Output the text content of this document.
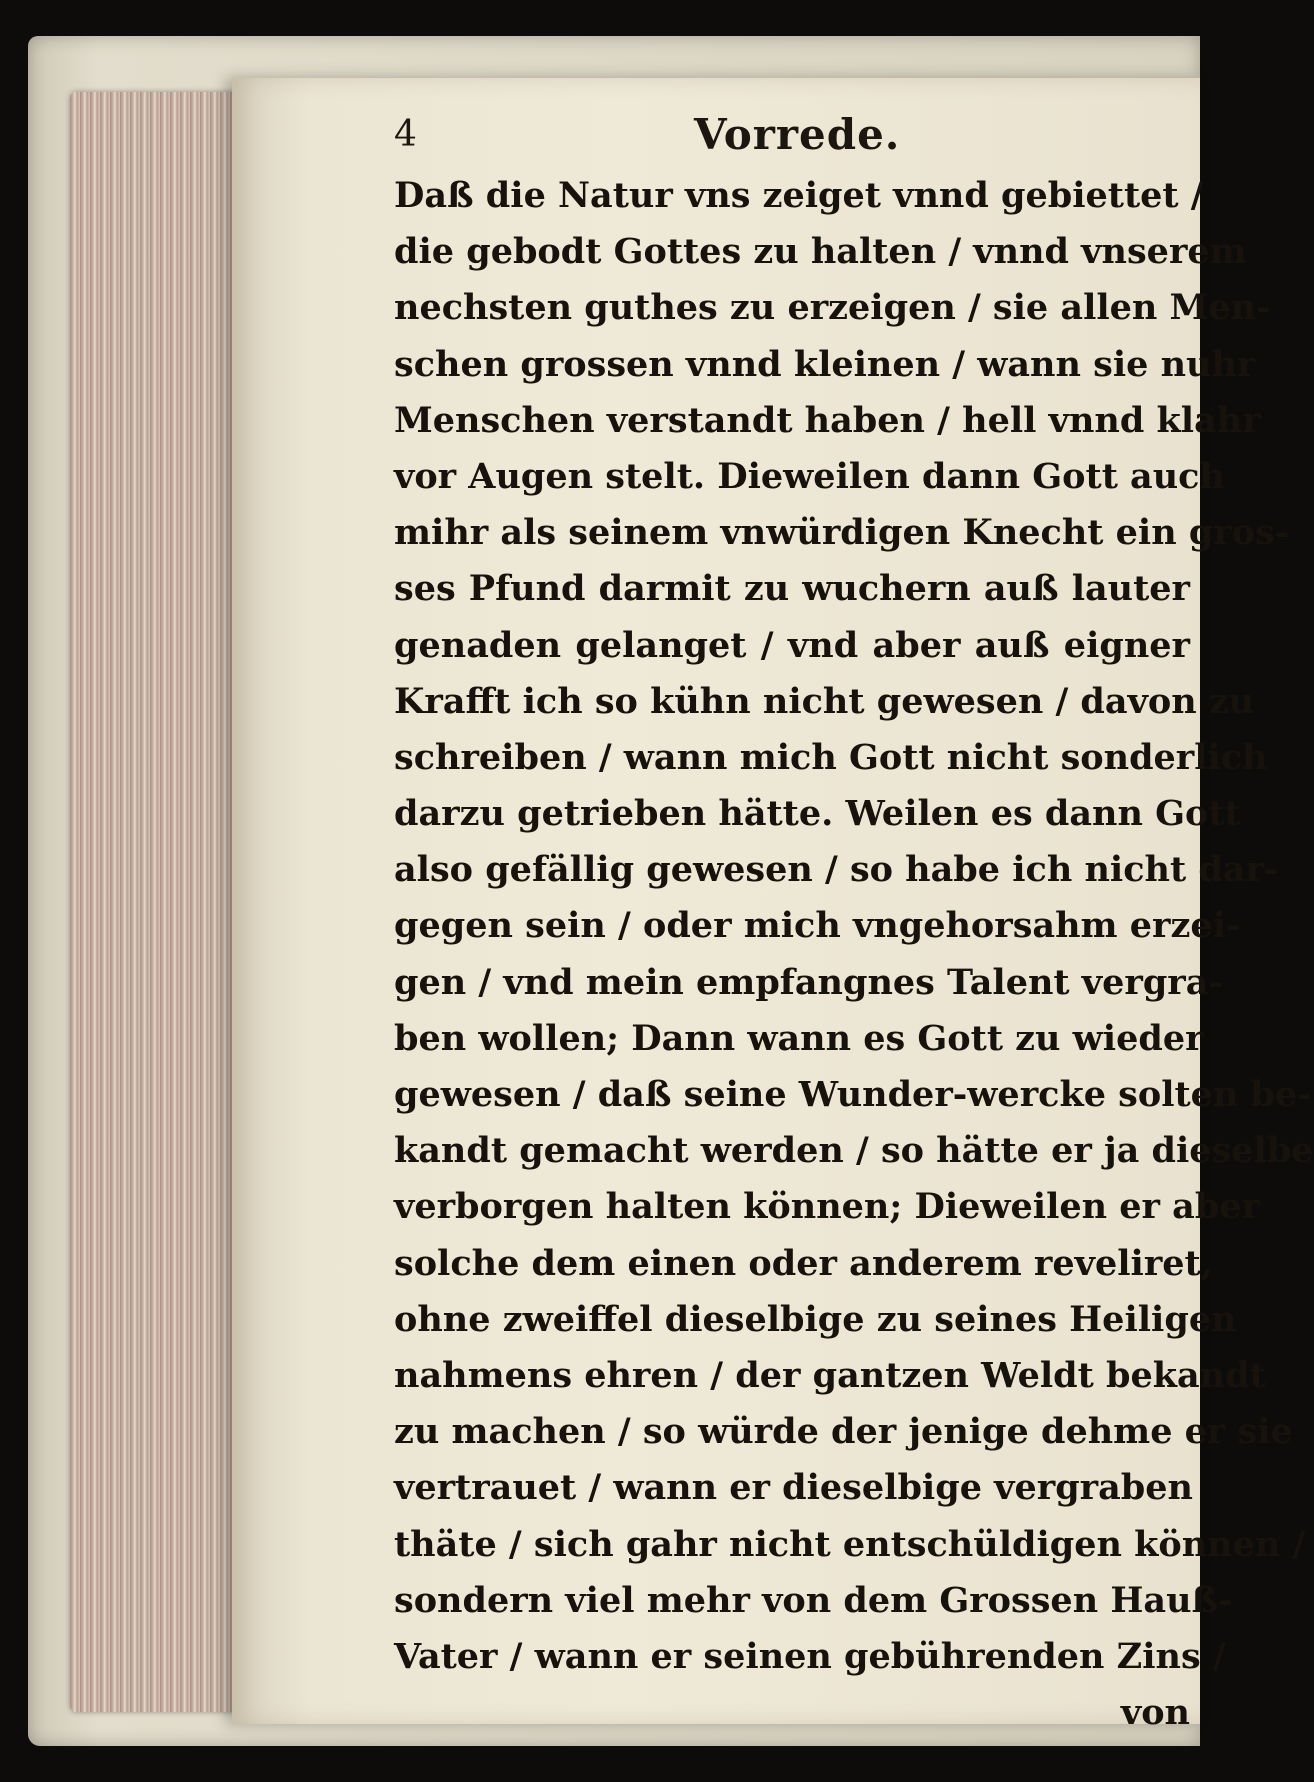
4	Vorrede.
Daß die Natur vns zeiget vnnd gebiettet /
die gebodt Gottes zu halten / vnnd vnserem
nechsten guthes zu erzeigen / sie allen Men-
schen grossen vnnd kleinen / wann sie nuhr
Menschen verstandt haben / hell vnnd klahr
vor Augen stelt. Dieweilen dann Gott auch
mihr als seinem vnwürdigen Knecht ein gros-
ses Pfund darmit zu wuchern auß lauter
genaden gelanget / vnd aber auß eigner
Krafft ich so kühn nicht gewesen / davon zu
schreiben / wann mich Gott nicht sonderlich
darzu getrieben hätte. Weilen es dann Gott
also gefällig gewesen / so habe ich nicht dar-
gegen sein / oder mich vngehorsahm erzei-
gen / vnd mein empfangnes Talent vergra-
ben wollen; Dann wann es Gott zu wieder
gewesen / daß seine Wunder-wercke solten be-
kandt gemacht werden / so hätte er ja dieselbe
verborgen halten können; Dieweilen er aber
solche dem einen oder anderem reveliret,
ohne zweiffel dieselbige zu seines Heiligen
nahmens ehren / der gantzen Weldt bekandt
zu machen / so würde der jenige dehme er sie
vertrauet / wann er dieselbige vergraben
thäte / sich gahr nicht entschüldigen können /
sondern viel mehr von dem Grossen Hauß-
Vater / wann er seinen gebührenden Zins /
von
